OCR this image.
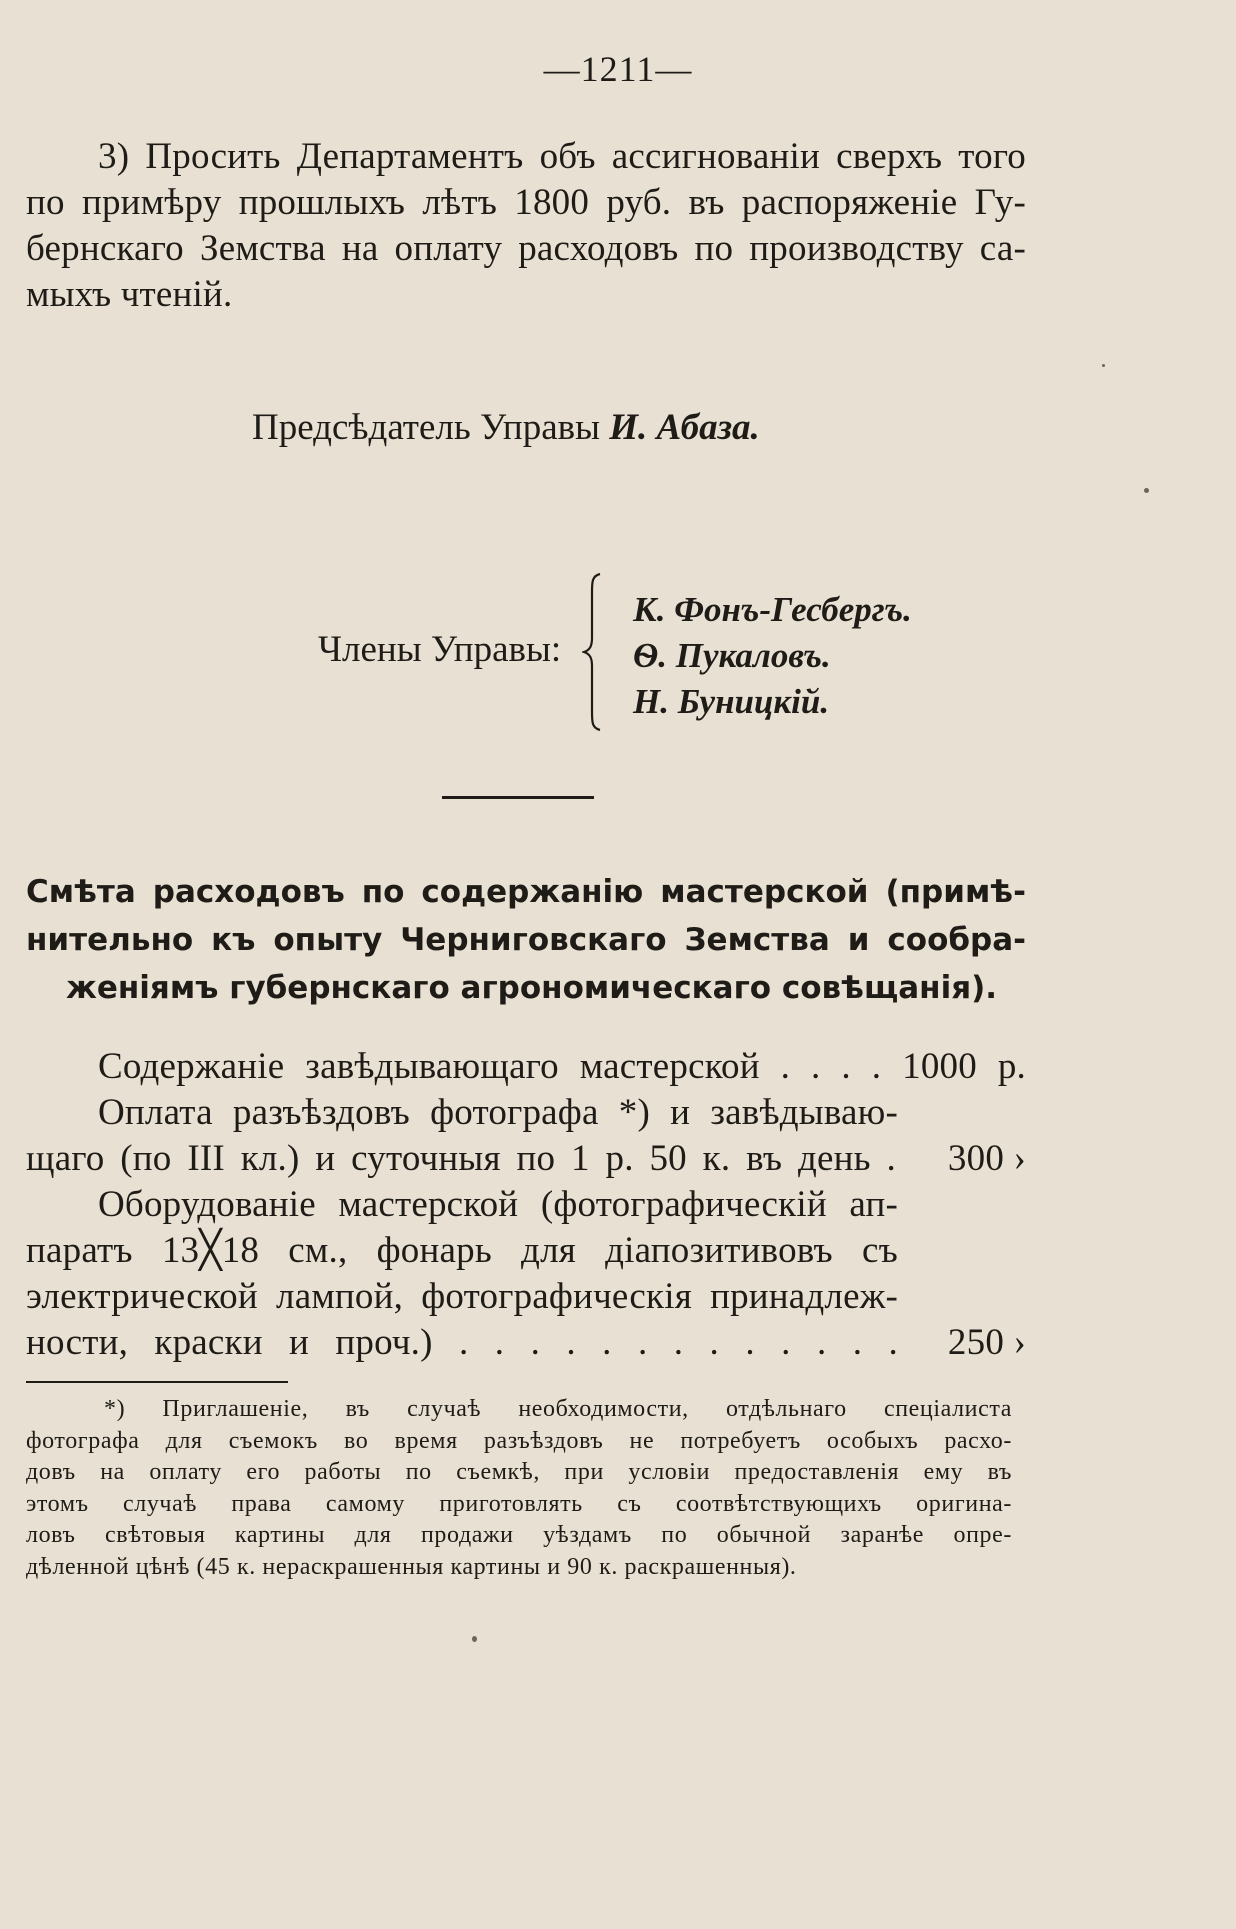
—1211—
3) Просить Департаментъ объ ассигнованіи сверхъ того
по примѣру прошлыхъ лѣтъ 1800 руб. въ распоряженіе Гу-
бернскаго Земства на оплату расходовъ по производству са-
мыхъ чтеній.
Предсѣдатель Управы И. Абаза.
Члены Управы:
К. Фонъ-Гесбергъ.
Ѳ. Пукаловъ.
Н. Буницкій.
Смѣта расходовъ по содержанію мастерской (примѣ-
нительно къ опыту Черниговскаго Земства и сообра-
женіямъ губернскаго агрономическаго совѣщанія).
Содержаніе завѣдывающаго мастерской . . . . 1000 р.
Оплата разъѣздовъ фотографа *) и завѣдываю-
щаго (по III кл.) и суточныя по 1 р. 50 к. въ день . 300 ›
Оборудованіе мастерской (фотографическій ап-
паратъ 13╳18 см., фонарь для діапозитивовъ съ
электрической лампой, фотографическія принадлеж-
ности, краски и проч.) . . . . . . . . . . . . . 250 ›
*) Приглашеніе, въ случаѣ необходимости, отдѣльнаго спеціалиста
фотографа для съемокъ во время разъѣздовъ не потребуетъ особыхъ расхо-
довъ на оплату его работы по съемкѣ, при условіи предоставленія ему въ
этомъ случаѣ права самому приготовлять съ соотвѣтствующихъ оригина-
ловъ свѣтовыя картины для продажи уѣздамъ по обычной заранѣе опре-
дѣленной цѣнѣ (45 к. нераскрашенныя картины и 90 к. раскрашенныя).
